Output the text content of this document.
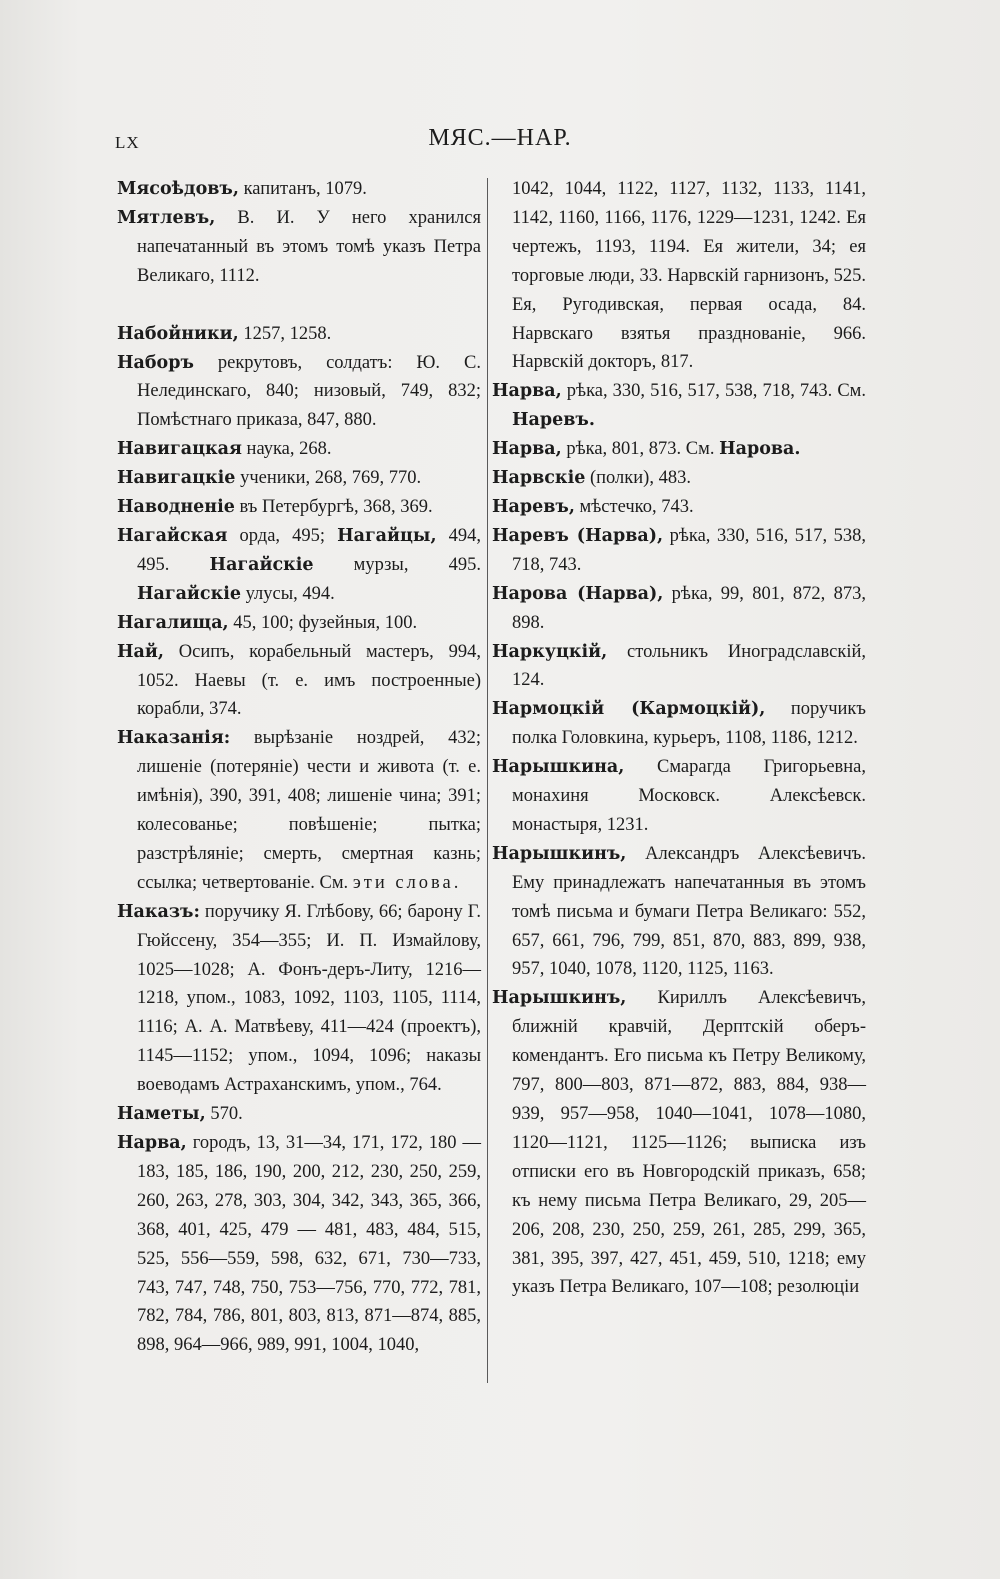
LX	МЯС.—НАР.

Мясоѣдовъ, капитанъ, 1079.

Мятлевъ, В. И. У него хранился напечатанный въ этомъ томѣ указъ Петра Великаго, 1112.

Набойники, 1257, 1258.

Наборъ рекрутовъ, солдатъ: Ю. С. Нелединскаго, 840; низовый, 749, 832; Помѣстнаго приказа, 847, 880.

Навигацкая наука, 268.

Навигацкіе ученики, 268, 769, 770.

Наводненіе въ Петербургѣ, 368, 369.

Нагайская орда, 495; Нагайцы, 494, 495. Нагайскіе мурзы, 495. Нагайскіе улусы, 494.

Нагалища, 45, 100; фузейныя, 100.

Най, Осипъ, корабельный мастеръ, 994, 1052. Наевы (т. е. имъ построенные) корабли, 374.

Наказанія: вырѣзаніе ноздрей, 432; лишеніе (потеряніе) чести и живота (т. е. имѣнія), 390, 391, 408; лишеніе чина; 391; колесованье; повѣшеніе; пытка; разстрѣляніе; смерть, смертная казнь; ссылка; четвертованіе. См. эти слова.

Наказъ: поручику Я. Глѣбову, 66; барону Г. Гюйссену, 354—355; И. П. Измайлову, 1025—1028; А. Фонъ-деръ-Литу, 1216—1218, упом., 1083, 1092, 1103, 1105, 1114, 1116; А. А. Матвѣеву, 411—424 (проектъ), 1145—1152; упом., 1094, 1096; наказы воеводамъ Астраханскимъ, упом., 764.

Наметы, 570.

Нарва, городъ, 13, 31—34, 171, 172, 180 — 183, 185, 186, 190, 200, 212, 230, 250, 259, 260, 263, 278, 303, 304, 342, 343, 365, 366, 368, 401, 425, 479 — 481, 483, 484, 515, 525, 556—559, 598, 632, 671, 730—733, 743, 747, 748, 750, 753—756, 770, 772, 781, 782, 784, 786, 801, 803, 813, 871—874, 885, 898, 964—966, 989, 991, 1004, 1040,

1042, 1044, 1122, 1127, 1132, 1133, 1141, 1142, 1160, 1166, 1176, 1229—1231, 1242. Ея чертежъ, 1193, 1194. Ея жители, 34; ея торговые люди, 33. Нарвскій гарнизонъ, 525. Ея, Ругодивская, первая осада, 84. Нарвскаго взятья празднованіе, 966. Нарвскій докторъ, 817.

Нарва, рѣка, 330, 516, 517, 538, 718, 743. См. Наревъ.

Нарва, рѣка, 801, 873. См. Нарова.

Нарвскіе (полки), 483.

Наревъ, мѣстечко, 743.

Наревъ (Нарва), рѣка, 330, 516, 517, 538, 718, 743.

Нарова (Нарва), рѣка, 99, 801, 872, 873, 898.

Наркуцкій, стольникъ Иноградславскій, 124.

Нармоцкій (Кармоцкій), поручикъ полка Головкина, курьеръ, 1108, 1186, 1212.

Нарышкина, Смарагда Григорьевна, монахиня Московск. Алексѣевск. монастыря, 1231.

Нарышкинъ, Александръ Алексѣевичъ. Ему принадлежатъ напечатанныя въ этомъ томѣ письма и бумаги Петра Великаго: 552, 657, 661, 796, 799, 851, 870, 883, 899, 938, 957, 1040, 1078, 1120, 1125, 1163.

Нарышкинъ, Кириллъ Алексѣевичъ, ближній кравчій, Дерптскій оберъ-комендантъ. Его письма къ Петру Великому, 797, 800—803, 871—872, 883, 884, 938—939, 957—958, 1040—1041, 1078—1080, 1120—1121, 1125—1126; выписка изъ отписки его въ Новгородскій приказъ, 658; къ нему письма Петра Великаго, 29, 205—206, 208, 230, 250, 259, 261, 285, 299, 365, 381, 395, 397, 427, 451, 459, 510, 1218; ему указъ Петра Великаго, 107—108; резолюціи
